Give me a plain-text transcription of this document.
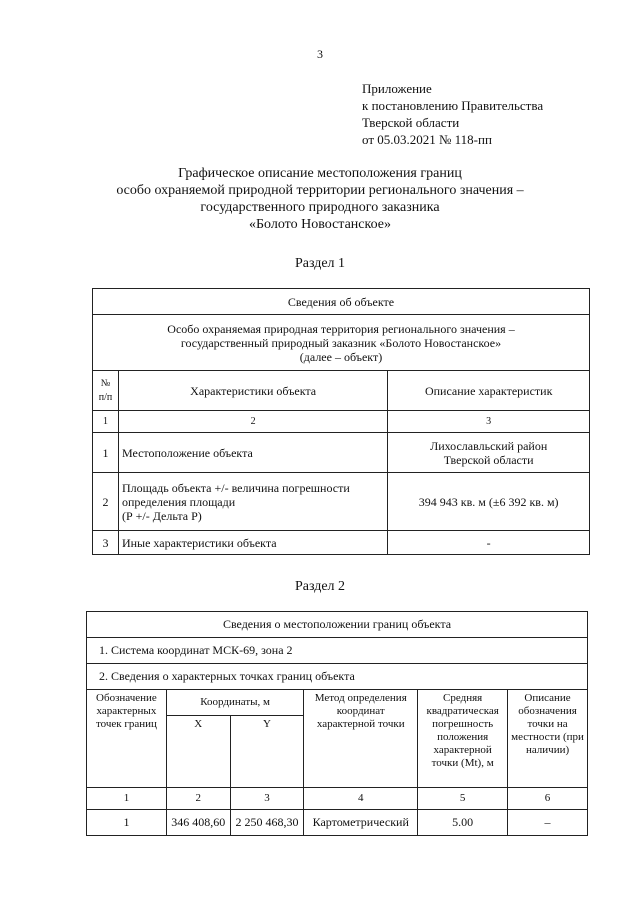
3
Приложение
к постановлению Правительства
Тверской области
от 05.03.2021 № 118-пп
Графическое описание местоположения границ
особо охраняемой природной территории регионального значения –
государственного природного заказника
«Болото Новостанское»
Раздел 1
Сведения об объекте		

Особо охраняемая природная территория регионального значения –
государственный природный заказник «Болото Новостанское»
(далее – объект)		

№ п/п	Характеристики объекта	Описание характеристик
1	2	3
1	Местоположение объекта	Лихославльский район
Тверской области

2	Площадь объекта +/- величина погрешности
определения площади
(Р +/- Дельта Р)	394 943 кв. м (±6 392 кв. м)
3	Иные характеристики объекта	-
Раздел 2
Сведения о местоположении границ объекта					
1. Система координат МСК-69, зона 2					
2. Сведения о характерных точках границ объекта					
Обозначение характерных точек границ	Координаты, м		Метод определения координат характерной точки	Средняя квадратическая погрешность положения характерной точки (Mt), м	Описание обозначения точки на местности (при наличии)
	X	Y			
1	2	3	4	5	6
1	346 408,60	2 250 468,30	Картометрический	5.00	–
